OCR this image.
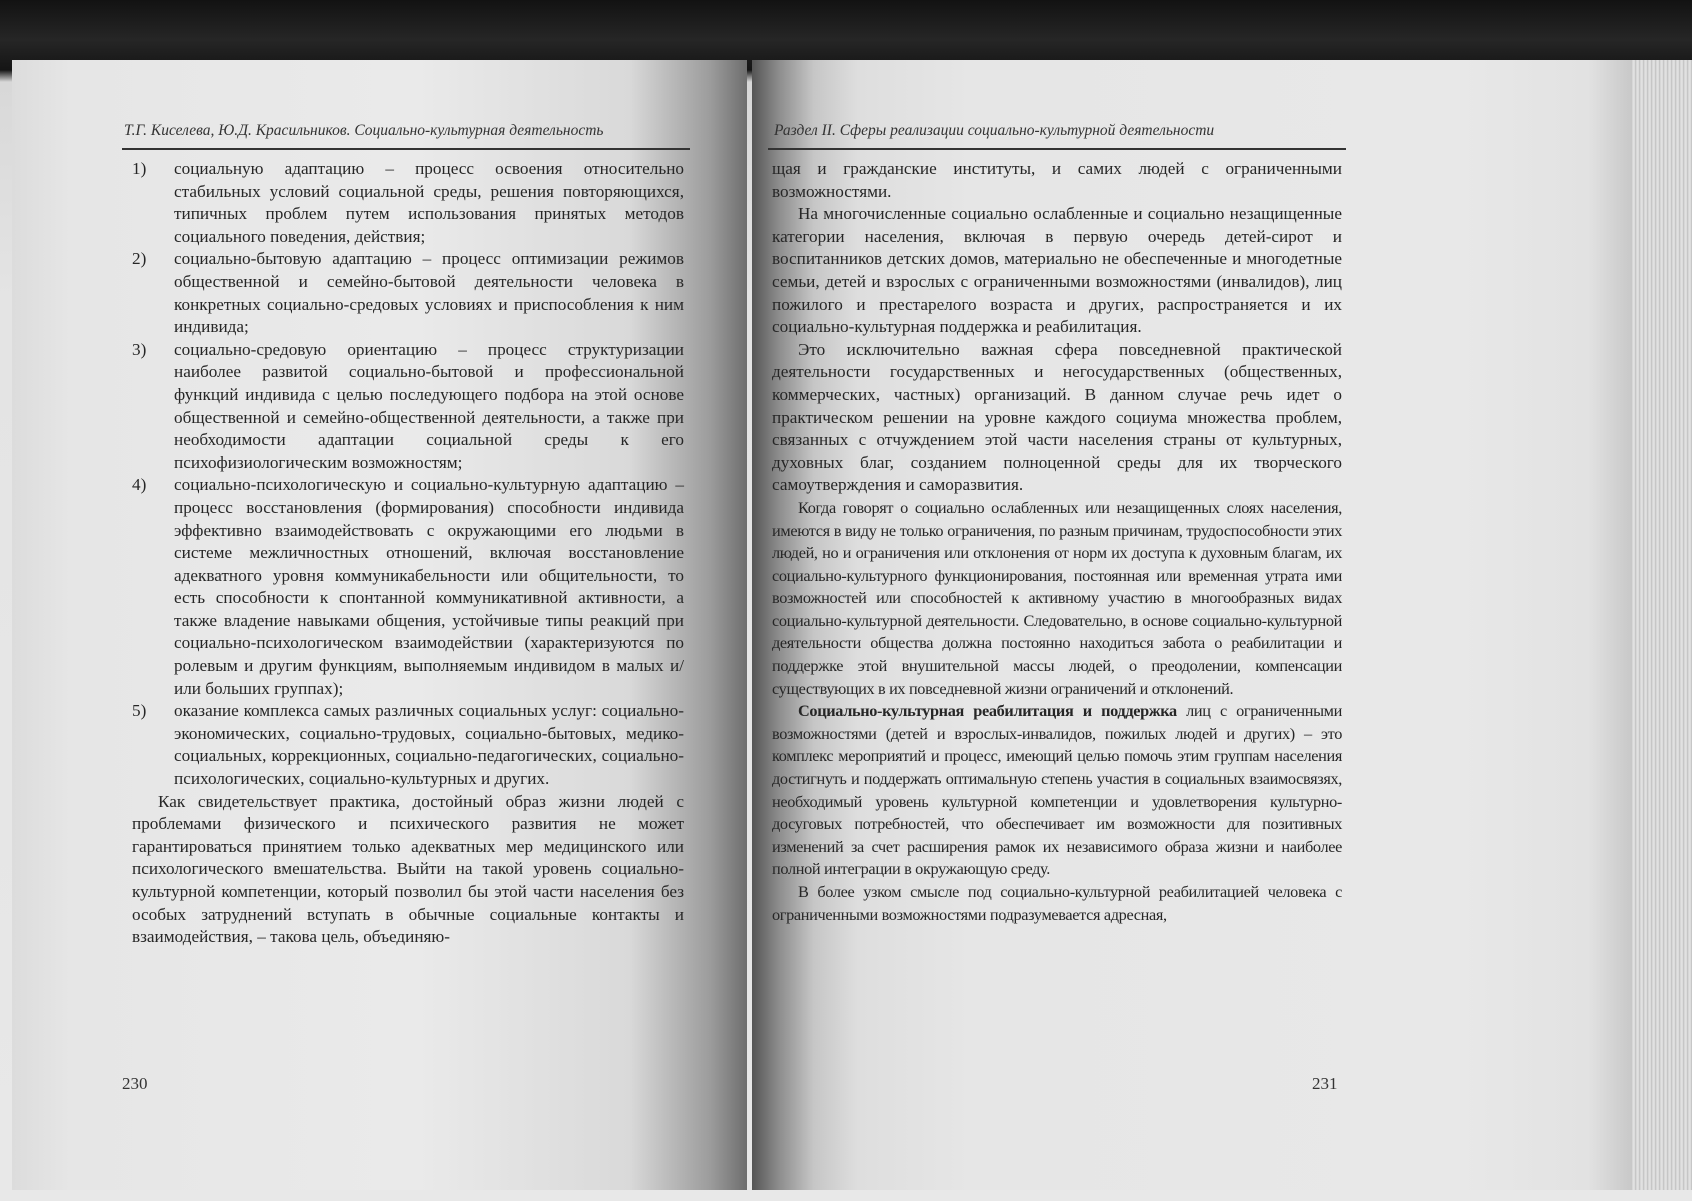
Т.Г. Киселева, Ю.Д. Красильников. Социально-культурная деятельность
1) социальную адаптацию – процесс освоения относительно стабильных условий социальной среды, решения повторяющихся, типичных проблем путем использования принятых методов социального поведения, действия;
2) социально-бытовую адаптацию – процесс оптимизации режимов общественной и семейно-бытовой деятельности человека в конкретных социально-средовых условиях и приспособления к ним индивида;
3) социально-средовую ориентацию – процесс структуризации наиболее развитой социально-бытовой и профессиональной функций индивида с целью последующего подбора на этой основе общественной и семейно-общественной деятельности, а также при необходимости адаптации социальной среды к его психофизиологическим возможностям;
4) социально-психологическую и социально-культурную адаптацию – процесс восстановления (формирования) способности индивида эффективно взаимодействовать с окружающими его людьми в системе межличностных отношений, включая восстановление адекватного уровня коммуникабельности или общительности, то есть способности к спонтанной коммуникативной активности, а также владение навыками общения, устойчивые типы реакций при социально-психологическом взаимодействии (характеризуются по ролевым и другим функциям, выполняемым индивидом в малых и/или больших группах);
5) оказание комплекса самых различных социальных услуг: социально-экономических, социально-трудовых, социально-бытовых, медико-социальных, коррекционных, социально-педагогических, социально-психологических, социально-культурных и других.

Как свидетельствует практика, достойный образ жизни людей с проблемами физического и психического развития не может гарантироваться принятием только адекватных мер медицинского или психологического вмешательства. Выйти на такой уровень социально-культурной компетенции, который позволил бы этой части населения без особых затруднений вступать в обычные социальные контакты и взаимодействия, – такова цель, объединяю-

230

Раздел II. Сферы реализации социально-культурной деятельности

щая и гражданские институты, и самих людей с ограниченными возможностями.

На многочисленные социально ослабленные и социально незащищенные категории населения, включая в первую очередь детей-сирот и воспитанников детских домов, материально не обеспеченные и многодетные семьи, детей и взрослых с ограниченными возможностями (инвалидов), лиц пожилого и престарелого возраста и других, распространяется и их социально-культурная поддержка и реабилитация.

Это исключительно важная сфера повседневной практической деятельности государственных и негосударственных (общественных, коммерческих, частных) организаций. В данном случае речь идет о практическом решении на уровне каждого социума множества проблем, связанных с отчуждением этой части населения страны от культурных, духовных благ, созданием полноценной среды для их творческого самоутверждения и саморазвития.

Когда говорят о социально ослабленных или незащищенных слоях населения, имеются в виду не только ограничения, по разным причинам, трудоспособности этих людей, но и ограничения или отклонения от норм их доступа к духовным благам, их социально-культурного функционирования, постоянная или временная утрата ими возможностей или способностей к активному участию в многообразных видах социально-культурной деятельности. Следовательно, в основе социально-культурной деятельности общества должна постоянно находиться забота о реабилитации и поддержке этой внушительной массы людей, о преодолении, компенсации существующих в их повседневной жизни ограничений и отклонений.

Социально-культурная реабилитация и поддержка лиц с ограниченными возможностями (детей и взрослых-инвалидов, пожилых людей и других) – это комплекс мероприятий и процесс, имеющий целью помочь этим группам населения достигнуть и поддержать оптимальную степень участия в социальных взаимосвязях, необходимый уровень культурной компетенции и удовлетворения культурно-досуговых потребностей, что обеспечивает им возможности для позитивных изменений за счет расширения рамок их независимого образа жизни и наиболее полной интеграции в окружающую среду.

В более узком смысле под социально-культурной реабилитацией человека с ограниченными возможностями подразумевается адресная,

231
